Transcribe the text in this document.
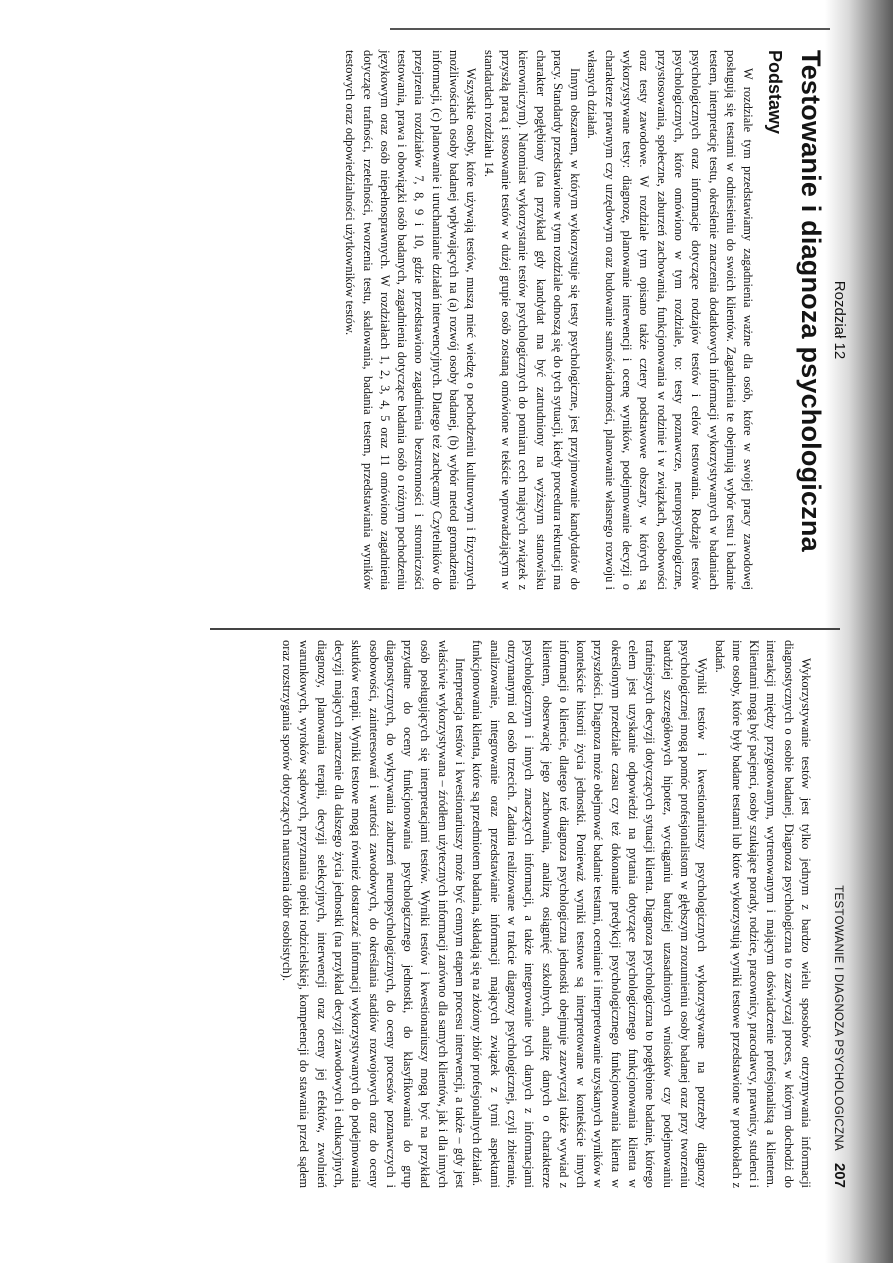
Rozdział 12
Testowanie i diagnoza psychologiczna
Podstawy

W rozdziale tym przedstawiamy zagadnienia ważne dla osób, które w swojej pracy zawodowej posługują się testami w odniesieniu do swoich klientów. Zagadnienia te obejmują wybór testu i badanie testem, interpretację testu, określenie znaczenia dodatkowych informacji wykorzystywanych w badaniach psychologicznych oraz informacje dotyczące rodzajów testów i celów testowania. Rodzaje testów psychologicznych, które omówiono w tym rozdziale, to: testy poznawcze, neuropsychologiczne, przystosowania, społeczne, zaburzeń zachowania, funkcjonowania w rodzinie i w związkach, osobowości oraz testy zawodowe. W rozdziale tym opisano także cztery podstawowe obszary, w których są wykorzystywane testy: diagnozę, planowanie interwencji i ocenę wyników, podejmowanie decyzji o charakterze prawnym czy urzędowym oraz budowanie samoświadomości, planowanie własnego rozwoju i własnych działań.

Innym obszarem, w którym wykorzystuje się testy psychologiczne, jest przyjmowanie kandydatów do pracy. Standardy przedstawione w tym rozdziale odnoszą się do tych sytuacji, kiedy procedura rekrutacji ma charakter pogłębiony (na przykład gdy kandydat ma być zatrudniony na wyższym stanowisku kierowniczym). Natomiast wykorzystanie testów psychologicznych do pomiaru cech mających związek z przyszłą pracą i stosowanie testów w dużej grupie osób zostaną omówione w tekście wprowadzającym w standardach rozdziału 14.

Wszystkie osoby, które używają testów, muszą mieć wiedzę o pochodzeniu kulturowym i fizycznych możliwościach osoby badanej wpływających na (a) rozwój osoby badanej, (b) wybór metod gromadzenia informacji, (c) planowanie i uruchamianie działań interwencyjnych. Dlatego też zachęcamy Czytelników do przejrzenia rozdziałów 7, 8, 9 i 10, gdzie przedstawiono zagadnienia bezstronności i stronniczości testowania, prawa i obowiązki osób badanych, zagadnienia dotyczące badania osób o różnym pochodzeniu językowym oraz osób niepełnosprawnych. W rozdziałach 1, 2, 3, 4, 5 oraz 11 omówiono zagadnienia dotyczące trafności, rzetelności, tworzenia testu, skalowania, badania testem, przedstawiania wyników testowych oraz odpowiedzialności użytkowników testów.

TESTOWANIE I DIAGNOZA PSYCHOLOGICZNA
207

Wykorzystywanie testów jest tylko jednym z bardzo wielu sposobów otrzymywania informacji diagnostycznych o osobie badanej. Diagnoza psychologiczna to zazwyczaj proces, w którym dochodzi do interakcji między przygotowanym, wytrenowanym i mającym doświadczenie profesjonalistą a klientem. Klientami mogą być pacjenci, osoby szukające porady, rodzice, pracownicy, pracodawcy, prawnicy, studenci i inne osoby, które były badane testami lub które wykorzystują wyniki testowe przedstawione w protokołach z badań.

Wyniki testów i kwestionariuszy psychologicznych wykorzystywane na potrzeby diagnozy psychologicznej mogą pomóc profesjonalistom w głębszym zrozumieniu osoby badanej oraz przy tworzeniu bardziej szczegółowych hipotez, wyciąganiu bardziej uzasadnionych wniosków czy podejmowaniu trafniejszych decyzji dotyczących sytuacji klienta. Diagnoza psychologiczna to pogłębione badanie, którego celem jest uzyskanie odpowiedzi na pytania dotyczące psychologicznego funkcjonowania klienta w określonym przedziale czasu czy też dokonanie predykcji psychologicznego funkcjonowania klienta w przyszłości. Diagnoza może obejmować badanie testami, ocenianie i interpretowanie uzyskanych wyników w kontekście historii życia jednostki. Ponieważ wyniki testowe są interpretowane w kontekście innych informacji o kliencie, dlatego też diagnoza psychologiczna jednostki obejmuje zazwyczaj także wywiad z klientem, obserwację jego zachowania, analizę osiągnięć szkolnych, analizę danych o charakterze psychologicznym i innych znaczących informacji, a także integrowanie tych danych z informacjami otrzymanymi od osób trzecich. Zadania realizowane w trakcie diagnozy psychologicznej, czyli zbieranie, analizowanie, integrowanie oraz przedstawianie informacji mających związek z tymi aspektami funkcjonowania klienta, które są przedmiotem badania, składają się na złożony zbiór profesjonalnych działań.

Interpretacja testów i kwestionariuszy może być cennym etapem procesu interwencji, a także – gdy jest właściwie wykorzystywana – źródłem użytecznych informacji zarówno dla samych klientów, jak i dla innych osób posługujących się interpretacjami testów. Wyniki testów i kwestionariuszy mogą być na przykład przydatne do oceny funkcjonowania psychologicznego jednostki, do klasyfikowania do grup diagnostycznych, do wykrywania zaburzeń neuropsychologicznych, do oceny procesów poznawczych i osobowości, zainteresowań i wartości zawodowych, do określania stadiów rozwojowych oraz do oceny skutków terapii. Wyniki testowe mogą również dostarczać informacji wykorzystywanych do podejmowania decyzji mających znaczenie dla dalszego życia jednostki (na przykład decyzji zawodowych i edukacyjnych, diagnozy, planowania terapii, decyzji selekcyjnych, interwencji oraz oceny jej efektów, zwolnień warunkowych, wyroków sądowych, przyznania opieki rodzicielskiej, kompetencji do stawania przed sądem oraz rozstrzygania sporów dotyczących naruszenia dóbr osobistych).
